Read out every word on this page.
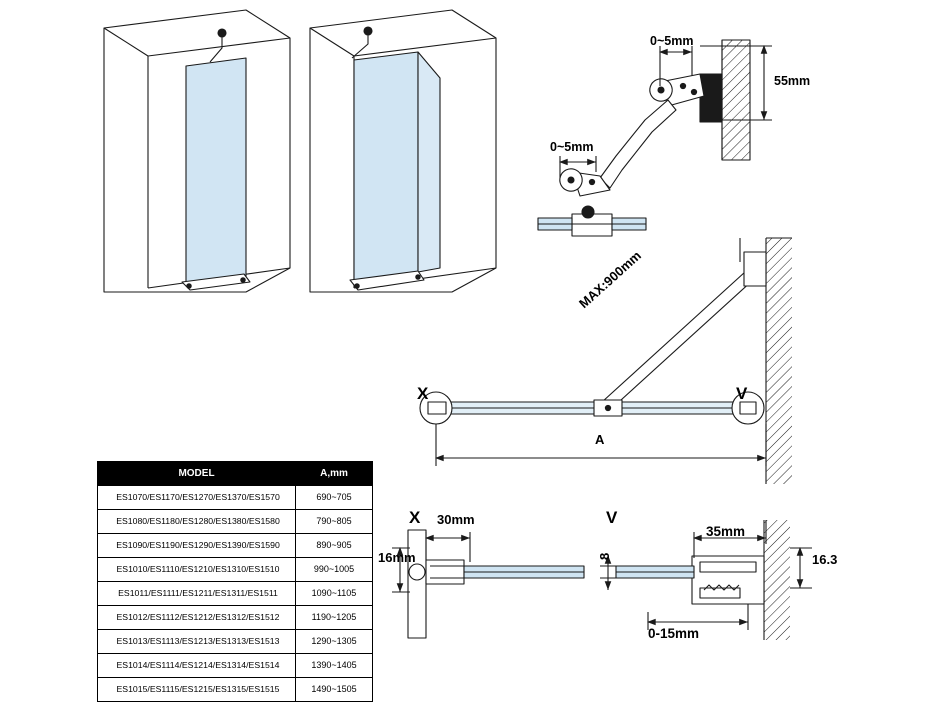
0~5mm
55mm
0~5mm
MAX:900mm
X	V
A
X 30mm
16mm
V
8
35mm
16.3
0-15mm
MODEL	A,mm
ES1070/ES1170/ES1270/ES1370/ES1570	690~705
ES1080/ES1180/ES1280/ES1380/ES1580	790~805
ES1090/ES1190/ES1290/ES1390/ES1590	890~905
ES1010/ES1110/ES1210/ES1310/ES1510	990~1005
ES1011/ES1111/ES1211/ES1311/ES1511	1090~1105
ES1012/ES1112/ES1212/ES1312/ES1512	1190~1205
ES1013/ES1113/ES1213/ES1313/ES1513	1290~1305
ES1014/ES1114/ES1214/ES1314/ES1514	1390~1405
ES1015/ES1115/ES1215/ES1315/ES1515	1490~1505
